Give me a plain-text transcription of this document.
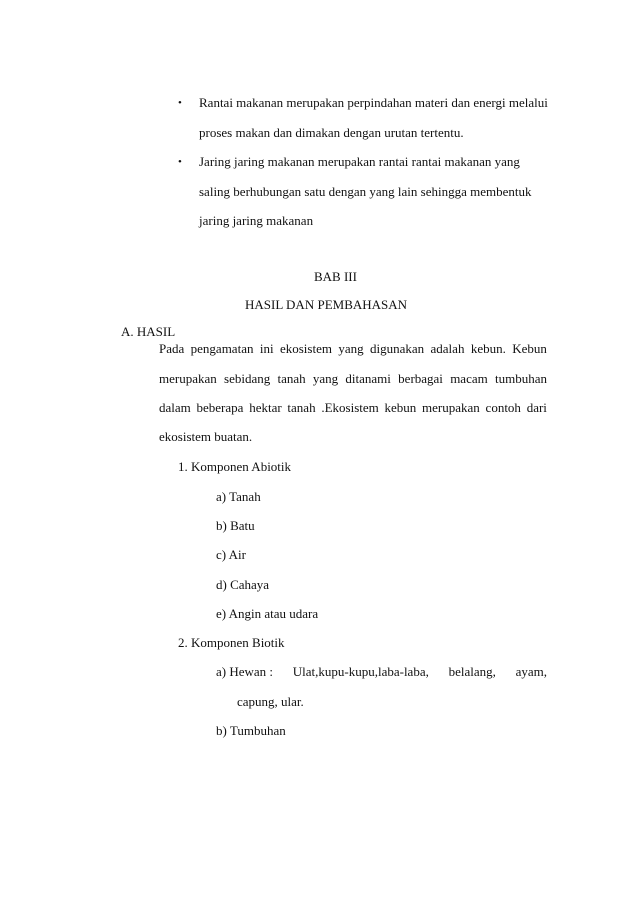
• Rantai makanan merupakan perpindahan materi dan energi melalui
proses makan dan dimakan dengan urutan tertentu.
• Jaring jaring makanan merupakan rantai rantai makanan yang
saling berhubungan satu dengan yang lain sehingga membentuk
jaring jaring makanan
BAB III
HASIL DAN PEMBAHASAN
A. HASIL
Pada pengamatan ini ekosistem yang digunakan adalah kebun. Kebun
merupakan sebidang tanah yang ditanami berbagai macam tumbuhan
dalam beberapa hektar tanah .Ekosistem kebun merupakan contoh dari
ekosistem buatan.
1. Komponen Abiotik
a) Tanah
b) Batu
c) Air
d) Cahaya
e) Angin atau udara
2. Komponen Biotik
a) Hewan : Ulat,kupu-kupu,laba-laba, belalang, ayam,
capung, ular.
b) Tumbuhan
